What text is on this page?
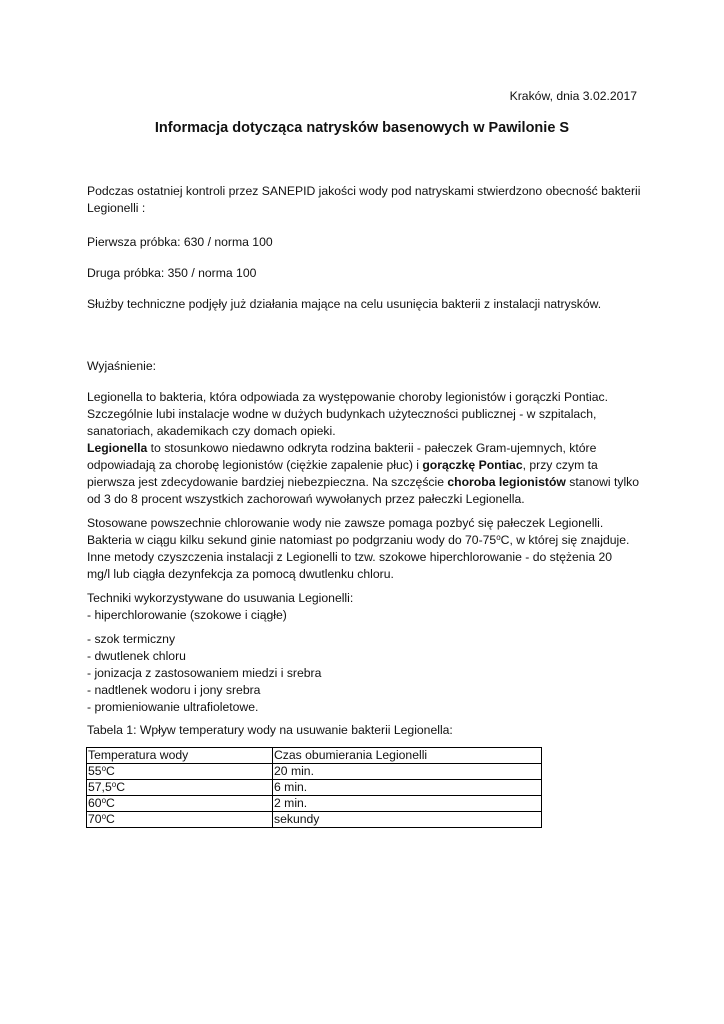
Kraków, dnia 3.02.2017
Informacja dotycząca natrysków basenowych w Pawilonie S

Podczas ostatniej kontroli przez SANEPID jakości wody pod natryskami stwierdzono obecność bakterii

Legionelli :

Pierwsza próbka: 630 / norma 100
Druga próbka: 350 / norma 100
Służby techniczne podjęły już działania mające na celu usunięcia bakterii z instalacji natrysków.
Wyjaśnienie:

Legionella to bakteria, która odpowiada za występowanie choroby legionistów i gorączki Pontiac.

Szczególnie lubi instalacje wodne w dużych budynkach użyteczności publicznej - w szpitalach,

sanatoriach, akademikach czy domach opieki.

Legionella to stosunkowo niedawno odkryta rodzina bakterii - pałeczek Gram-ujemnych, które

odpowiadają za chorobę legionistów (ciężkie zapalenie płuc) i gorączkę Pontiac, przy czym ta

pierwsza jest zdecydowanie bardziej niebezpieczna. Na szczęście choroba legionistów stanowi tylko

od 3 do 8 procent wszystkich zachorowań wywołanych przez pałeczki Legionella.

Stosowane powszechnie chlorowanie wody nie zawsze pomaga pozbyć się pałeczek Legionelli.

Bakteria w ciągu kilku sekund ginie natomiast po podgrzaniu wody do 70-75$^o$C, w której się znajduje.

Inne metody czyszczenia instalacji z Legionelli to tzw. szokowe hiperchlorowanie - do stężenia 20

mg/l lub ciągła dezynfekcja za pomocą dwutlenku chloru.

Techniki wykorzystywane do usuwania Legionelli:

- hiperchlorowanie (szokowe i ciągłe)

- szok termiczny

- dwutlenek chloru

- jonizacja z zastosowaniem miedzi i srebra

- nadtlenek wodoru i jony srebra

- promieniowanie ultrafioletowe.

Tabela 1: Wpływ temperatury wody na usuwanie bakterii Legionella:
Temperatura wody	Czas obumierania Legionelli
55$^o$C	20 min.
57,5$^o$C	6 min.
60$^o$C	2 min.
70$^o$C	sekundy
